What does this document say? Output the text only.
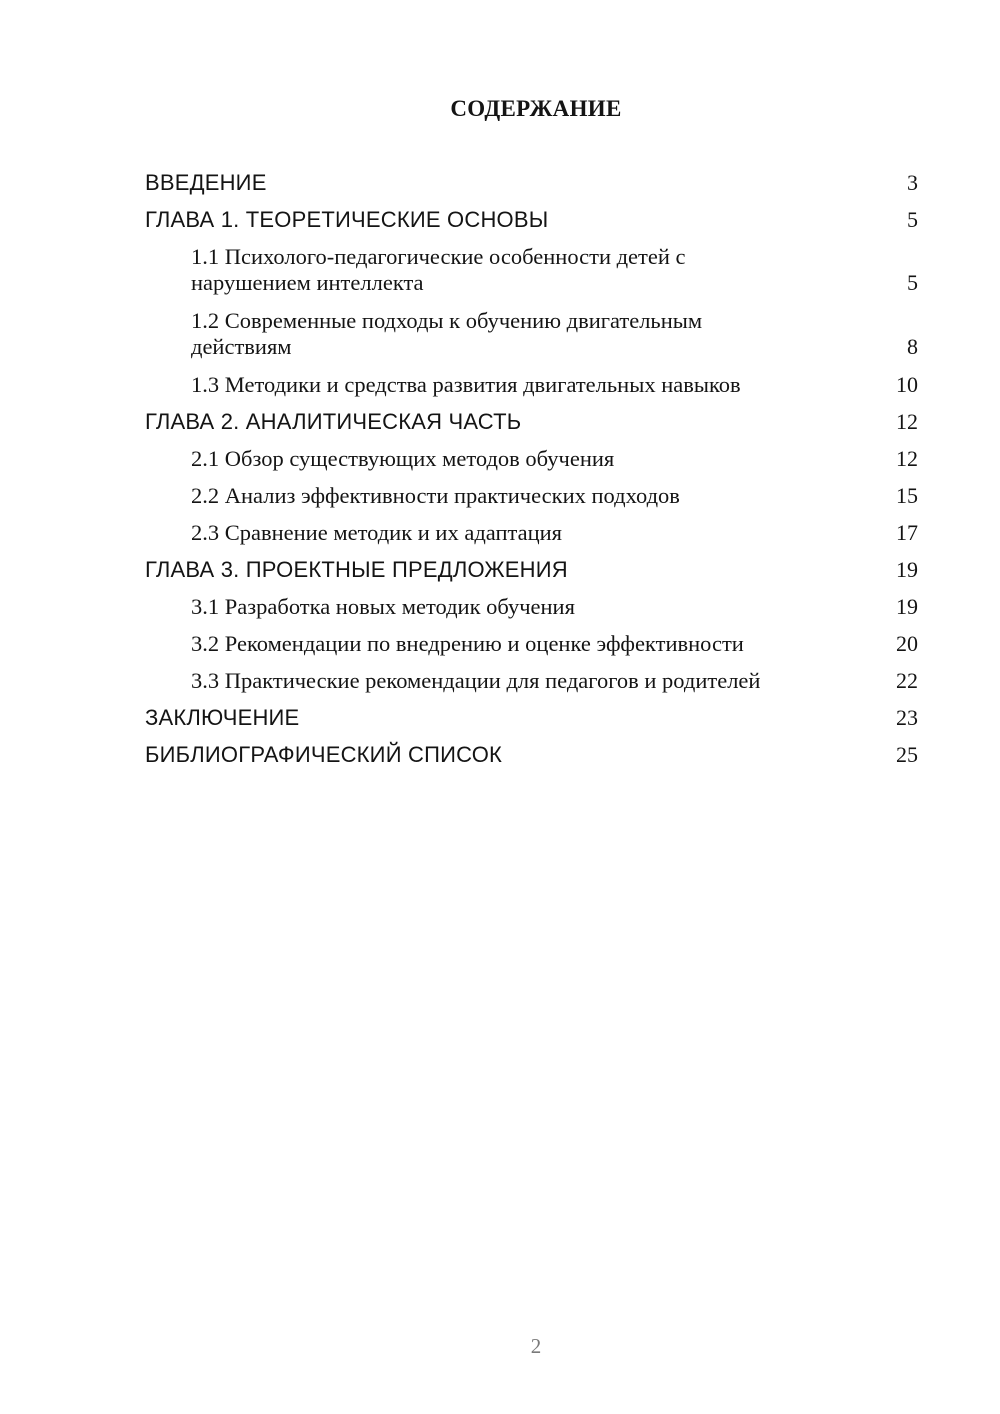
СОДЕРЖАНИЕ
ВВЕДЕНИЕ	3
ГЛАВА 1. ТЕОРЕТИЧЕСКИЕ ОСНОВЫ	5
1.1 Психолого-педагогические особенности детей с нарушением интеллекта	5
1.2 Современные подходы к обучению двигательным действиям	8
1.3 Методики и средства развития двигательных навыков	10
ГЛАВА 2. АНАЛИТИЧЕСКАЯ ЧАСТЬ	12
2.1 Обзор существующих методов обучения	12
2.2 Анализ эффективности практических подходов	15
2.3 Сравнение методик и их адаптация	17
ГЛАВА 3. ПРОЕКТНЫЕ ПРЕДЛОЖЕНИЯ	19
3.1 Разработка новых методик обучения	19
3.2 Рекомендации по внедрению и оценке эффективности	20
3.3 Практические рекомендации для педагогов и родителей	22
ЗАКЛЮЧЕНИЕ	23
БИБЛИОГРАФИЧЕСКИЙ СПИСОК	25
2
